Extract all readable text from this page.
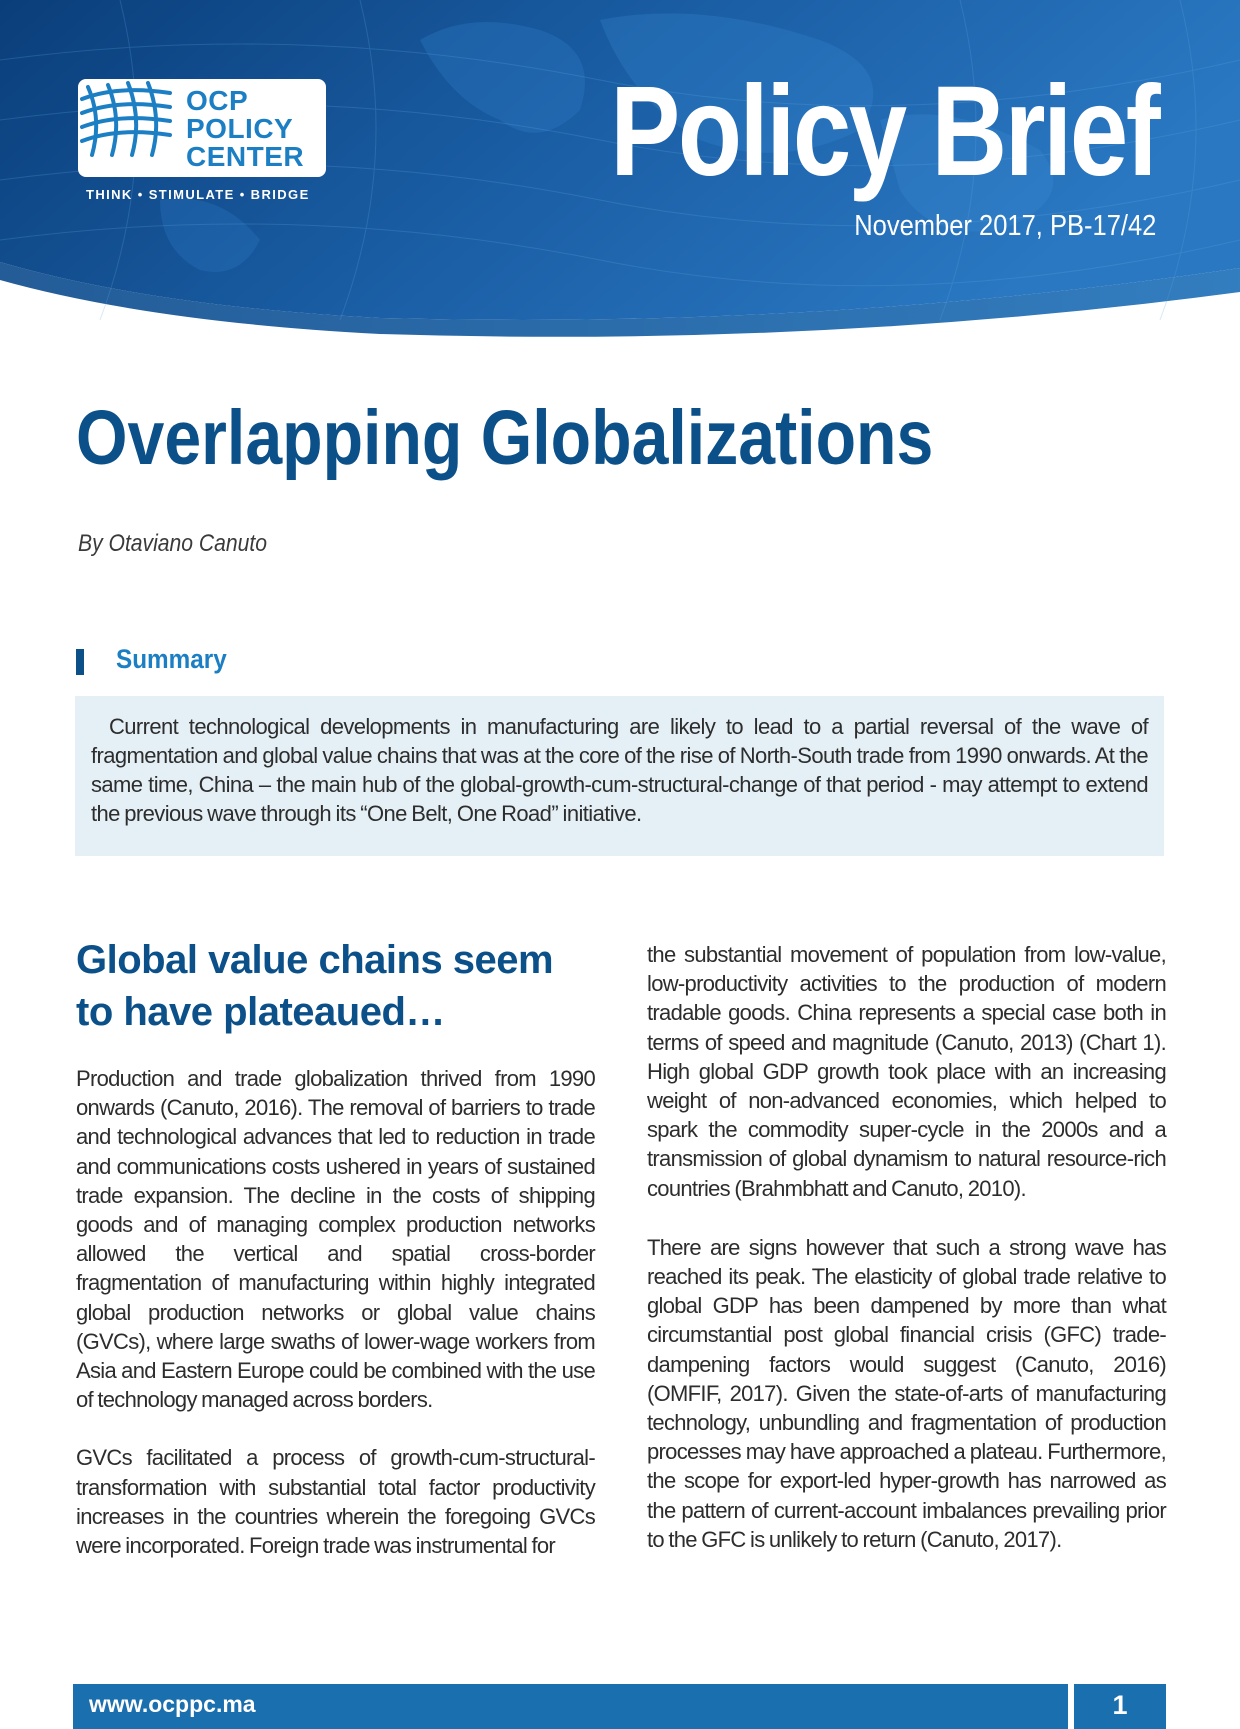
OCP
POLICY
CENTER
THINK • STIMULATE • BRIDGE Policy Brief
November 2017, PB-17/42
Overlapping Globalizations
By Otaviano Canuto
Summary
Current technological developments in manufacturing are likely to lead to a partial reversal of the wave of fragmentation and global value chains that was at the core of the rise of North-South trade from 1990 onwards. At the same time, China – the main hub of the global-growth-cum-structural-change of that period - may attempt to extend the previous wave through its “One Belt, One Road” initiative.
Global value chains seem to have plateaued…

Production and trade globalization thrived from 1990 onwards (Canuto, 2016). The removal of barriers to trade and technological advances that led to reduction in trade and communications costs ushered in years of sustained trade expansion. The decline in the costs of shipping goods and of managing complex production networks allowed the vertical and spatial cross-border fragmentation of manufacturing within highly integrated global production networks or global value chains (GVCs), where large swaths of lower-wage workers from Asia and Eastern Europe could be combined with the use of technology managed across borders.

GVCs facilitated a process of growth-cum-structural-transformation with substantial total factor productivity increases in the countries wherein the foregoing GVCs were incorporated. Foreign trade was instrumental for

the substantial movement of population from low-value, low-productivity activities to the production of modern tradable goods. China represents a special case both in terms of speed and magnitude (Canuto, 2013) (Chart 1). High global GDP growth took place with an increasing weight of non-advanced economies, which helped to spark the commodity super-cycle in the 2000s and a transmission of global dynamism to natural resource-rich countries (Brahmbhatt and Canuto, 2010).

There are signs however that such a strong wave has reached its peak. The elasticity of global trade relative to global GDP has been dampened by more than what circumstantial post global financial crisis (GFC) trade-dampening factors would suggest (Canuto, 2016) (OMFIF, 2017). Given the state-of-arts of manufacturing technology, unbundling and fragmentation of production processes may have approached a plateau. Furthermore, the scope for export-led hyper-growth has narrowed as the pattern of current-account imbalances prevailing prior to the GFC is unlikely to return (Canuto, 2017).

www.ocppc.ma	1
